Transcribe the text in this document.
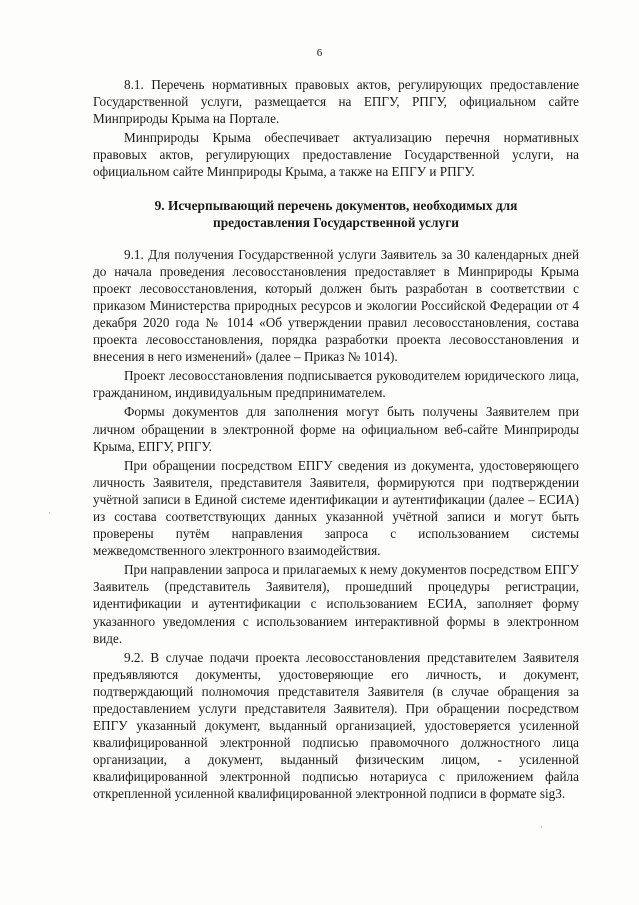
6

8.1. Перечень нормативных правовых актов, регулирующих предоставление Государственной услуги, размещается на ЕПГУ, РПГУ, официальном сайте Минприроды Крыма на Портале.

Минприроды Крыма обеспечивает актуализацию перечня нормативных правовых актов, регулирующих предоставление Государственной услуги, на официальном сайте Минприроды Крыма, а также на ЕПГУ и РПГУ.

9. Исчерпывающий перечень документов, необходимых для
предоставления Государственной услуги

9.1. Для получения Государственной услуги Заявитель за 30 календарных дней до начала проведения лесовосстановления предоставляет в Минприроды Крыма проект лесовосстановления, который должен быть разработан в соответствии с приказом Министерства природных ресурсов и экологии Российской Федерации от 4 декабря 2020 года № 1014 «Об утверждении правил лесовосстановления, состава проекта лесовосстановления, порядка разработки проекта лесовосстановления и внесения в него изменений» (далее – Приказ № 1014).

Проект лесовосстановления подписывается руководителем юридического лица, гражданином, индивидуальным предпринимателем.

Формы документов для заполнения могут быть получены Заявителем при личном обращении в электронной форме на официальном веб-сайте Минприроды Крыма, ЕПГУ, РПГУ.

При обращении посредством ЕПГУ сведения из документа, удостоверяющего личность Заявителя, представителя Заявителя, формируются при подтверждении учётной записи в Единой системе идентификации и аутентификации (далее – ЕСИА) из состава соответствующих данных указанной учётной записи и могут быть проверены путём направления запроса с использованием системы межведомственного электронного взаимодействия.

При направлении запроса и прилагаемых к нему документов посредством ЕПГУ Заявитель (представитель Заявителя), прошедший процедуры регистрации, идентификации и аутентификации с использованием ЕСИА, заполняет форму указанного уведомления с использованием интерактивной формы в электронном виде.

9.2. В случае подачи проекта лесовосстановления представителем Заявителя предъявляются документы, удостоверяющие его личность, и документ, подтверждающий полномочия представителя Заявителя (в случае обращения за предоставлением услуги представителя Заявителя). При обращении посредством ЕПГУ указанный документ, выданный организацией, удостоверяется усиленной квалифицированной электронной подписью правомочного должностного лица организации, а документ, выданный физическим лицом, - усиленной квалифицированной электронной подписью нотариуса с приложением файла открепленной усиленной квалифицированной электронной подписи в формате sig3.

·
·
